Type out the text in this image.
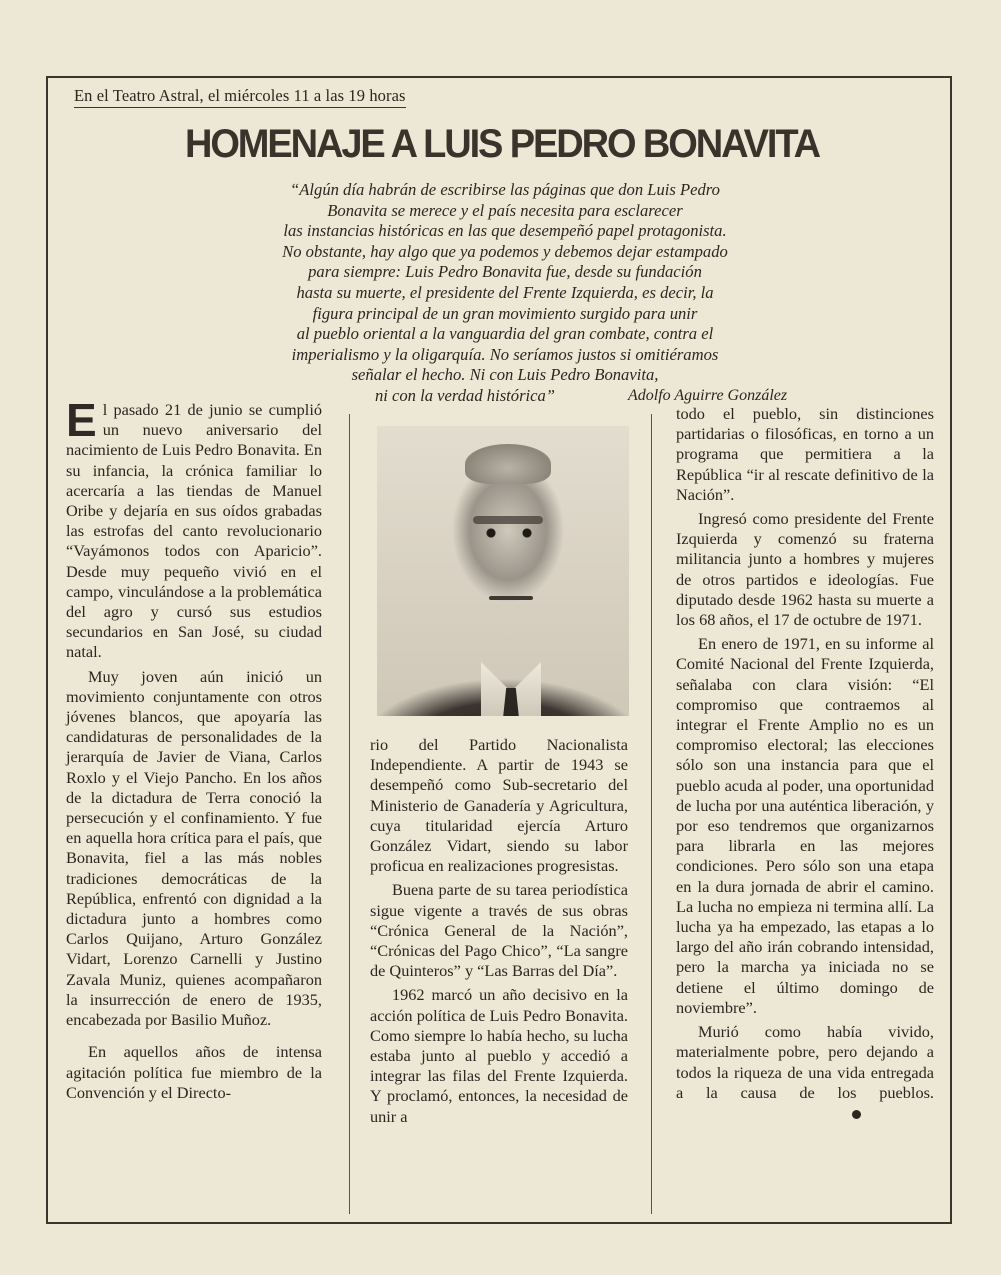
En el Teatro Astral, el miércoles 11 a las 19 horas
HOMENAJE A LUIS PEDRO BONAVITA
“Algún día habrán de escribirse las páginas que don Luis Pedro
Bonavita se merece y el país necesita para esclarecer
las instancias históricas en las que desempeñó papel protagonista.
No obstante, hay algo que ya podemos y debemos dejar estampado
para siempre: Luis Pedro Bonavita fue, desde su fundación
hasta su muerte, el presidente del Frente Izquierda, es decir, la
figura principal de un gran movimiento surgido para unir
al pueblo oriental a la vanguardia del gran combate, contra el
imperialismo y la oligarquía. No seríamos justos si omitiéramos
señalar el hecho. Ni con Luis Pedro Bonavita,
ni con la verdad histórica”	Adolfo Aguirre González

El pasado 21 de junio se cumplió un nuevo aniversario del nacimiento de Luis Pedro Bonavita. En su infancia, la crónica familiar lo acercaría a las tiendas de Manuel Oribe y dejaría en sus oídos grabadas las estrofas del canto revolucionario “Vayámonos todos con Aparicio”. Desde muy pequeño vivió en el campo, vinculándose a la problemática del agro y cursó sus estudios secundarios en San José, su ciudad natal.

Muy joven aún inició un movimiento conjuntamente con otros jóvenes blancos, que apoyaría las candidaturas de personalidades de la jerarquía de Javier de Viana, Carlos Roxlo y el Viejo Pancho. En los años de la dictadura de Terra conoció la persecución y el confinamiento. Y fue en aquella hora crítica para el país, que Bonavita, fiel a las más nobles tradiciones democráticas de la República, enfrentó con dignidad a la dictadura junto a hombres como Carlos Quijano, Arturo González Vidart, Lorenzo Carnelli y Justino Zavala Muniz, quienes acompañaron la insurrección de enero de 1935, encabezada por Basilio Muñoz.

En aquellos años de intensa agitación política fue miembro de la Convención y el Directo-

rio del Partido Nacionalista Independiente. A partir de 1943 se desempeñó como Sub-secretario del Ministerio de Ganadería y Agricultura, cuya titularidad ejercía Arturo González Vidart, siendo su labor proficua en realizaciones progresistas.

Buena parte de su tarea periodística sigue vigente a través de sus obras “Crónica General de la Nación”, “Crónicas del Pago Chico”, “La sangre de Quinteros” y “Las Barras del Día”.

1962 marcó un año decisivo en la acción política de Luis Pedro Bonavita. Como siempre lo había hecho, su lucha estaba junto al pueblo y accedió a integrar las filas del Frente Izquierda. Y proclamó, entonces, la necesidad de unir a

todo el pueblo, sin distinciones partidarias o filosóficas, en torno a un programa que permitiera a la República “ir al rescate definitivo de la Nación”.

Ingresó como presidente del Frente Izquierda y comenzó su fraterna militancia junto a hombres y mujeres de otros partidos e ideologías. Fue diputado desde 1962 hasta su muerte a los 68 años, el 17 de octubre de 1971.

En enero de 1971, en su informe al Comité Nacional del Frente Izquierda, señalaba con clara visión: “El compromiso que contraemos al integrar el Frente Amplio no es un compromiso electoral; las elecciones sólo son una instancia para que el pueblo acuda al poder, una oportunidad de lucha por una auténtica liberación, y por eso tendremos que organizarnos para librarla en las mejores condiciones. Pero sólo son una etapa en la dura jornada de abrir el camino. La lucha no empieza ni termina allí. La lucha ya ha empezado, las etapas a lo largo del año irán cobrando intensidad, pero la marcha ya iniciada no se detiene el último domingo de noviembre”.

Murió como había vivido, materialmente pobre, pero dejando a todos la riqueza de una vida entregada a la causa de los pueblos.
